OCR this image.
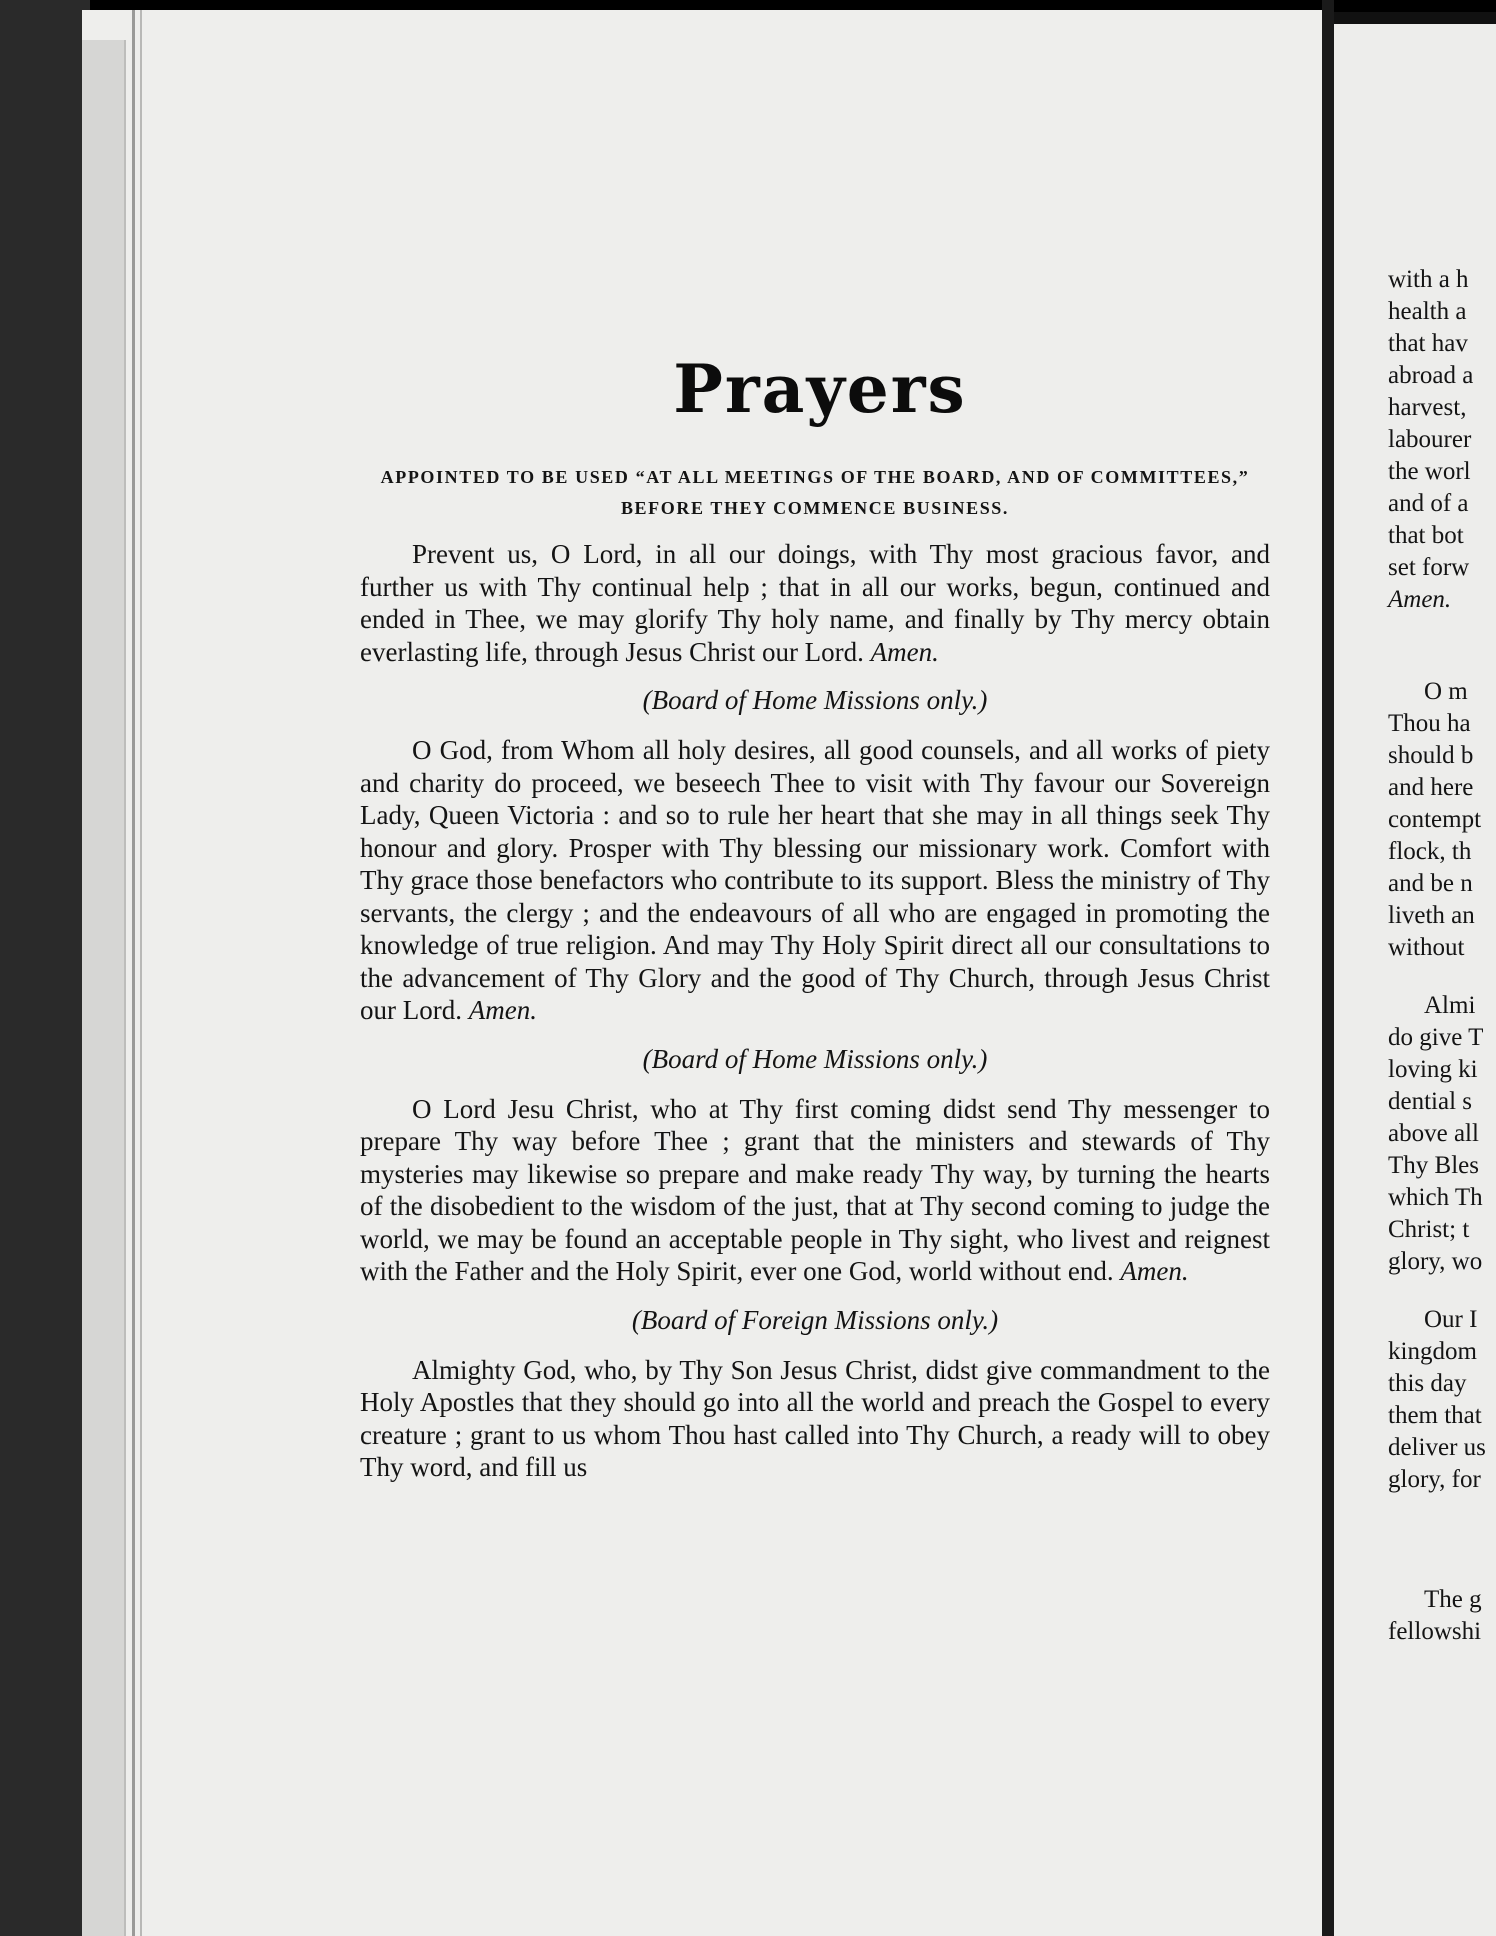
with a h

health a

that hav

abroad a

harvest,

labourer

the worl

and of a

that bot

set forw

Amen.

O m

Thou ha

should b

and here

contempt

flock, th

and be n

liveth an

without

Almi

do give T

loving ki

dential s

above all

Thy Bles

which Th

Christ; t

glory, wo

Our I

kingdom

this day

them that

deliver us

glory, for

The g

fellowshi

Prayers
APPOINTED TO BE USED “AT ALL MEETINGS OF THE BOARD, AND OF COMMITTEES,” BEFORE THEY COMMENCE BUSINESS.

Prevent us, O Lord, in all our doings, with Thy most gracious favor, and further us with Thy continual help ; that in all our works, begun, continued and ended in Thee, we may glorify Thy holy name, and finally by Thy mercy obtain everlasting life, through Jesus Christ our Lord. Amen.

(Board of Home Missions only.)

O God, from Whom all holy desires, all good counsels, and all works of piety and charity do proceed, we beseech Thee to visit with Thy favour our Sovereign Lady, Queen Victoria : and so to rule her heart that she may in all things seek Thy honour and glory. Prosper with Thy blessing our missionary work. Comfort with Thy grace those benefactors who contribute to its support. Bless the ministry of Thy servants, the clergy ; and the endeavours of all who are engaged in promoting the knowledge of true religion. And may Thy Holy Spirit direct all our consultations to the advancement of Thy Glory and the good of Thy Church, through Jesus Christ our Lord. Amen.

(Board of Home Missions only.)

O Lord Jesu Christ, who at Thy first coming didst send Thy messenger to prepare Thy way before Thee ; grant that the ministers and stewards of Thy mysteries may likewise so prepare and make ready Thy way, by turning the hearts of the disobedient to the wisdom of the just, that at Thy second coming to judge the world, we may be found an acceptable people in Thy sight, who livest and reignest with the Father and the Holy Spirit, ever one God, world without end. Amen.

(Board of Foreign Missions only.)

Almighty God, who, by Thy Son Jesus Christ, didst give commandment to the Holy Apostles that they should go into all the world and preach the Gospel to every creature ; grant to us whom Thou hast called into Thy Church, a ready will to obey Thy word, and fill us
